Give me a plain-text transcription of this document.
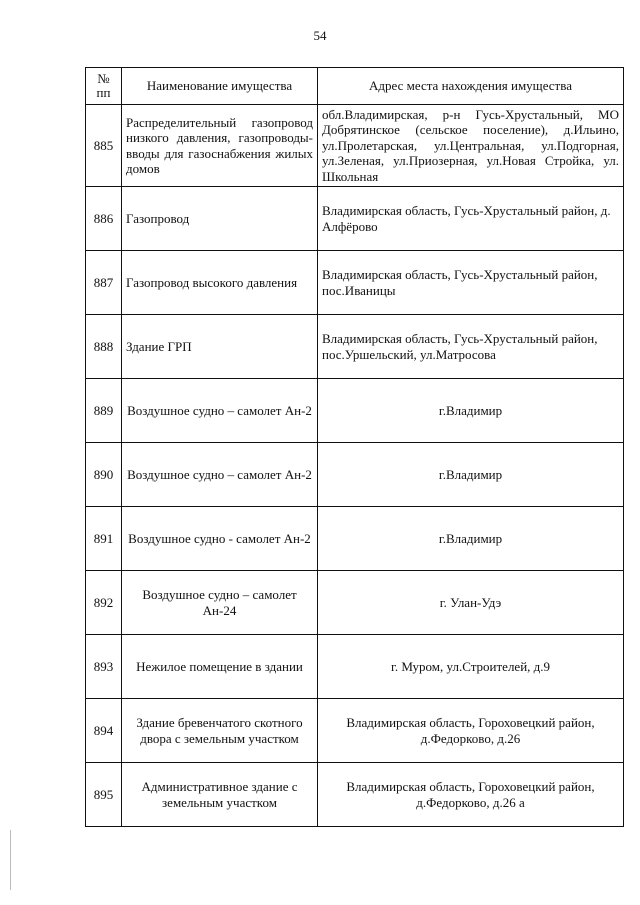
54
№
пп	Наименование имущества	Адрес места нахождения имущества
885	Распределительный газопровод низкого давления, газопроводы-вводы для газоснабжения жилых домов	обл.Владимирская, р-н Гусь-Хрустальный, МО Добрятинское (сельское поселение), д.Ильино, ул.Пролетарская, ул.Центральная, ул.Подгорная, ул.Зеленая, ул.Приозерная, ул.Новая Стройка, ул. Школьная
886	Газопровод	Владимирская область, Гусь-Хрустальный район, д. Алфёрово
887	Газопровод высокого давления	Владимирская область, Гусь-Хрустальный район, пос.Иваницы
888	Здание ГРП	Владимирская область, Гусь-Хрустальный район, пос.Уршельский, ул.Матросова
889	Воздушное судно – самолет Ан-2	г.Владимир
890	Воздушное судно – самолет Ан-2	г.Владимир
891	Воздушное судно - самолет Ан-2	г.Владимир
892	Воздушное судно – самолет Ан-24	г. Улан-Удэ
893	Нежилое помещение в здании	г. Муром, ул.Строителей, д.9
894	Здание бревенчатого скотного двора с земельным участком	Владимирская область, Гороховецкий район, д.Федорково, д.26
895	Административное здание с земельным участком	Владимирская область, Гороховецкий район, д.Федорково, д.26 а
